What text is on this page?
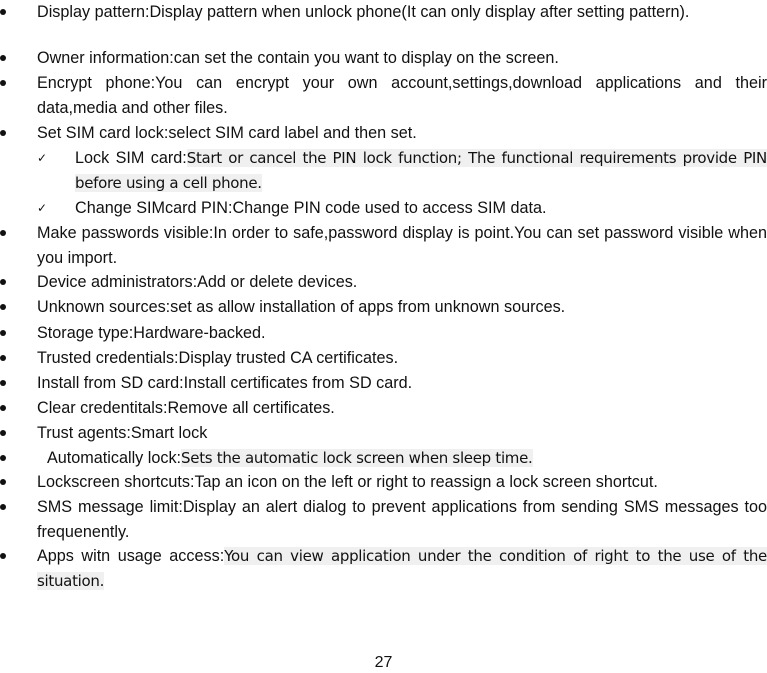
Display pattern:Display pattern when unlock phone(It can only display after setting pattern).
Owner information:can set the contain you want to display on the screen.
Encrypt phone:You can encrypt your own account,settings,download applications and their data,media and other files.
Set SIM card lock:select SIM card label and then set.
✓ Lock SIM card:Start or cancel the PIN lock function; The functional requirements provide PIN before using a cell phone.
✓ Change SIMcard PIN:Change PIN code used to access SIM data.
Make passwords visible:In order to safe,password display is point.You can set password visible when you import.
Device administrators:Add or delete devices.
Unknown sources:set as allow installation of apps from unknown sources.
Storage type:Hardware-backed.
Trusted credentials:Display trusted CA certificates.
Install from SD card:Install certificates from SD card.
Clear credentitals:Remove all certificates.
Trust agents:Smart lock
Automatically lock:Sets the automatic lock screen when sleep time.
Lockscreen shortcuts:Tap an icon on the left or right to reassign a lock screen shortcut.
SMS message limit:Display an alert dialog to prevent applications from sending SMS messages too frequenently.
Apps witn usage access:You can view application under the condition of right to the use of the situation.
27
